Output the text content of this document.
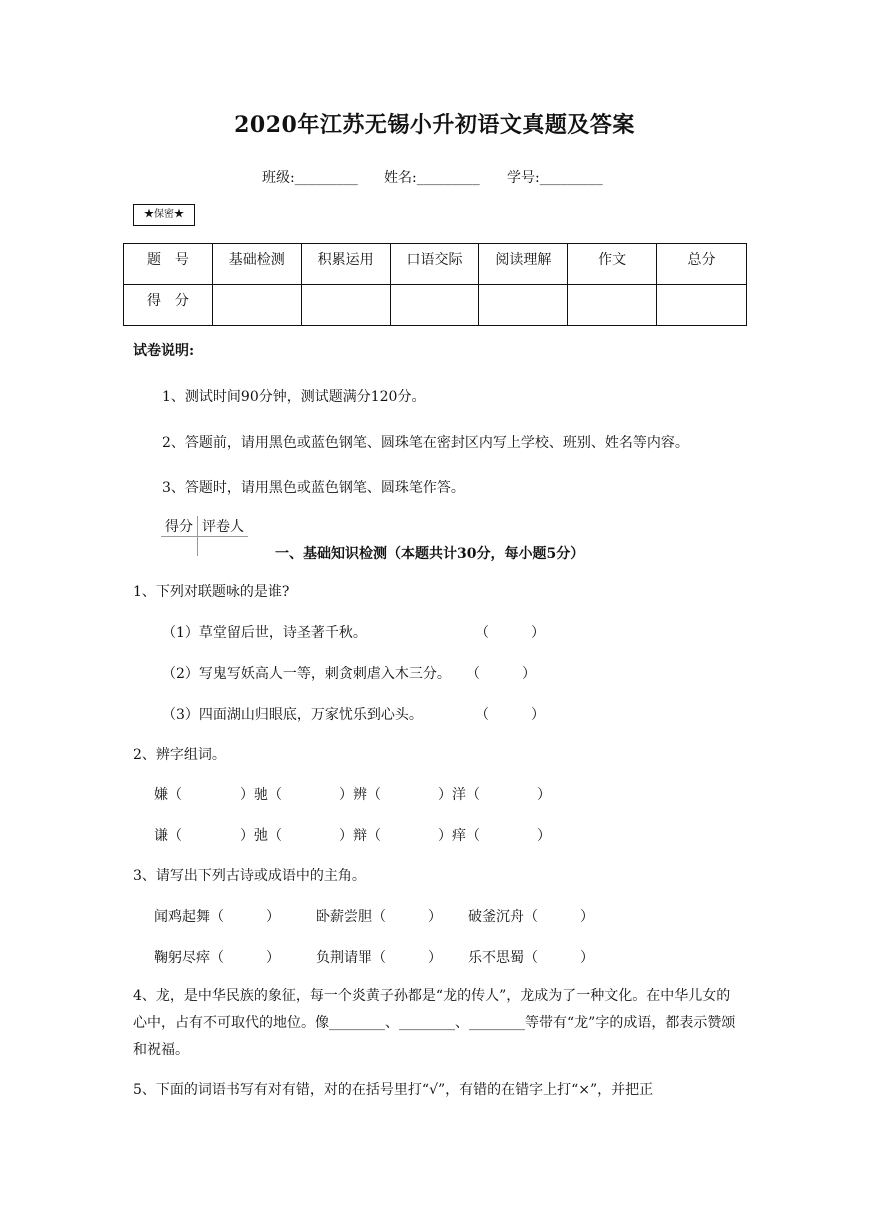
2020年江苏无锡小升初语文真题及答案
班级:_________ 姓名:_________ 学号:_________
★保密★
题　号	基础检测	积累运用	口语交际	阅读理解	作文	总分
得　分						
试卷说明:
1、测试时间90分钟，测试题满分120分。
2、答题前，请用黑色或蓝色钢笔、圆珠笔在密封区内写上学校、班别、姓名等内容。
3、答题时，请用黑色或蓝色钢笔、圆珠笔作答。
得分	评卷人

一、基础知识检测（本题共计30分，每小题5分）
1、下列对联题咏的是谁?
（1）草堂留后世，诗圣著千秋。	（　　　）
（2）写鬼写妖高人一等，刺贪刺虐入木三分。 （　　　）
（3）四面湖山归眼底，万家忧乐到心头。	（　　　）
2、辨字组词。
嫌（	）驰（	）辨（	）洋（	）
谦（	）弛（	）辩（	）痒（	）
3、请写出下列古诗或成语中的主角。
闻鸡起舞（　　　）	卧薪尝胆（　　　） 破釜沉舟（　　　）
鞠躬尽瘁（　　　）	负荆请罪（　　　） 乐不思蜀（　　　）
4、龙，是中华民族的象征，每一个炎黄子孙都是“龙的传人”，龙成为了一种文化。在中华儿女的心中，占有不可取代的地位。像________、________、________等带有“龙”字的成语，都表示赞颂和祝福。
5、下面的词语书写有对有错，对的在括号里打“√”，有错的在错字上打“×”，并把正
